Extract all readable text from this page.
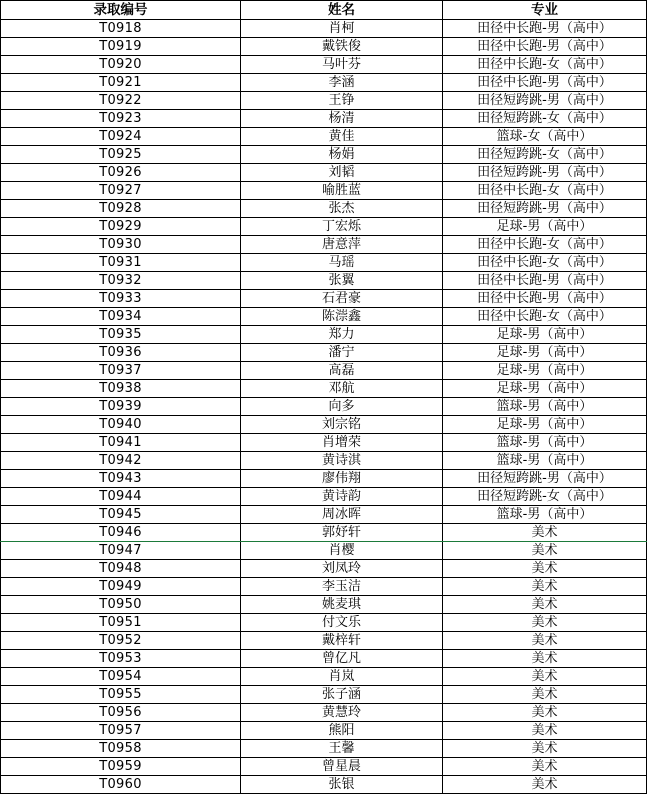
录取编号	姓名	专业
T0918	肖柯	田径中长跑-男（高中）
T0919	戴铁俊	田径中长跑-男（高中）
T0920	马叶芬	田径中长跑-女（高中）
T0921	李涵	田径中长跑-男（高中）
T0922	王铮	田径短跨跳-男（高中）
T0923	杨清	田径短跨跳-女（高中）
T0924	黄佳	篮球-女（高中）
T0925	杨娟	田径短跨跳-女（高中）
T0926	刘韬	田径短跨跳-男（高中）
T0927	喻胜蓝	田径中长跑-女（高中）
T0928	张杰	田径短跨跳-男（高中）
T0929	丁宏烁	足球-男（高中）
T0930	唐意萍	田径中长跑-女（高中）
T0931	马瑶	田径中长跑-女（高中）
T0932	张翼	田径中长跑-男（高中）
T0933	石君豪	田径中长跑-男（高中）
T0934	陈漴鑫	田径中长跑-女（高中）
T0935	郑力	足球-男（高中）
T0936	潘宁	足球-男（高中）
T0937	高磊	足球-男（高中）
T0938	邓航	足球-男（高中）
T0939	向多	篮球-男（高中）
T0940	刘宗铭	足球-男（高中）
T0941	肖增荣	篮球-男（高中）
T0942	黄诗淇	篮球-男（高中）
T0943	廖伟翔	田径短跨跳-男（高中）
T0944	黄诗韵	田径短跨跳-女（高中）
T0945	周冰晖	篮球-男（高中）
T0946	郭妤轩	美术
T0947	肖樱	美术
T0948	刘凤玲	美术
T0949	李玉洁	美术
T0950	姚麦琪	美术
T0951	付文乐	美术
T0952	戴梓轩	美术
T0953	曾亿凡	美术
T0954	肖岚	美术
T0955	张子涵	美术
T0956	黄慧玲	美术
T0957	熊阳	美术
T0958	王馨	美术
T0959	曾星晨	美术
T0960	张银	美术
